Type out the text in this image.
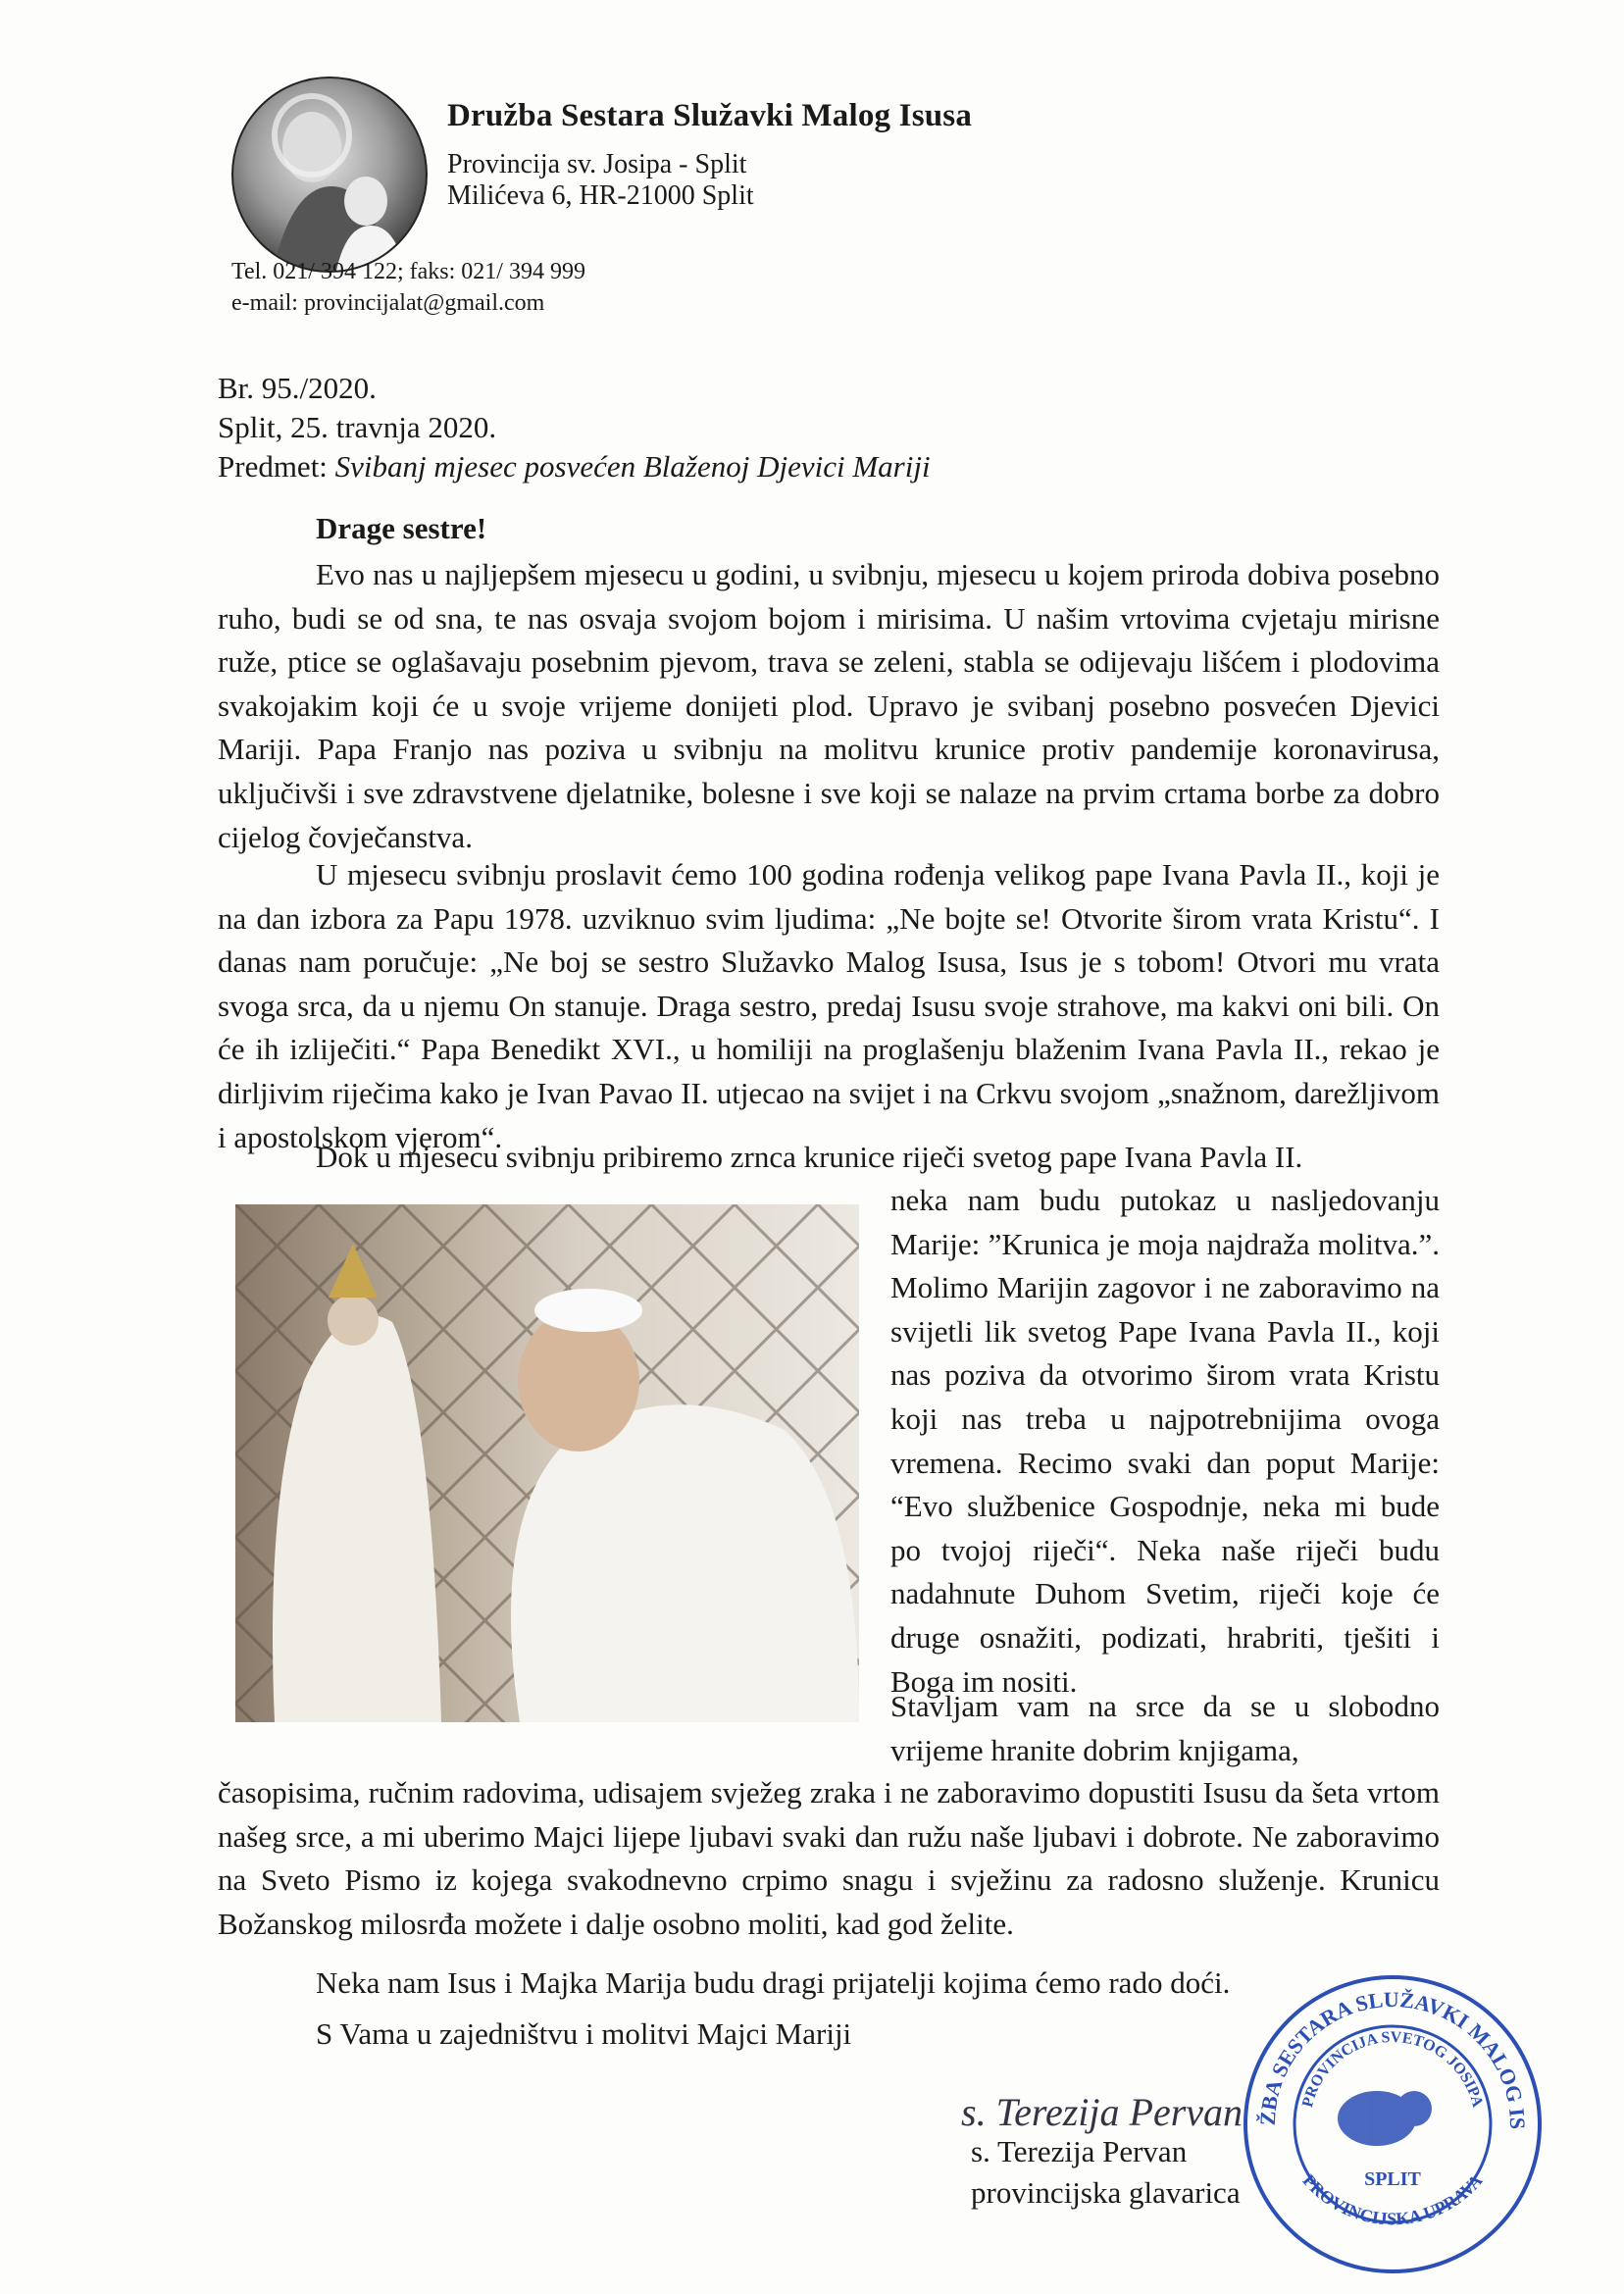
Družba Sestara Služavki Malog Isusa
Provincija sv. Josipa - Split
Milićeva 6, HR-21000 Split
Tel. 021/ 394 122; faks: 021/ 394 999
e-mail: provincijalat@gmail.com
Br. 95./2020.
Split, 25. travnja 2020.
Predmet: Svibanj mjesec posvećen Blaženoj Djevici Mariji
Drage sestre!
Evo nas u najljepšem mjesecu u godini, u svibnju, mjesecu u kojem priroda dobiva posebno ruho, budi se od sna, te nas osvaja svojom bojom i mirisima. U našim vrtovima cvjetaju mirisne ruže, ptice se oglašavaju posebnim pjevom, trava se zeleni, stabla se odijevaju lišćem i plodovima svakojakim koji će u svoje vrijeme donijeti plod. Upravo je svibanj posebno posvećen Djevici Mariji. Papa Franjo nas poziva u svibnju na molitvu krunice protiv pandemije koronavirusa, uključivši i sve zdravstvene djelatnike, bolesne i sve koji se nalaze na prvim crtama borbe za dobro cijelog čovječanstva.
U mjesecu svibnju proslavit ćemo 100 godina rođenja velikog pape Ivana Pavla II., koji je na dan izbora za Papu 1978. uzviknuo svim ljudima: „Ne bojte se! Otvorite širom vrata Kristu“. I danas nam poručuje: „Ne boj se sestro Služavko Malog Isusa, Isus je s tobom! Otvori mu vrata svoga srca, da u njemu On stanuje. Draga sestro, predaj Isusu svoje strahove, ma kakvi oni bili. On će ih izliječiti.“ Papa Benedikt XVI., u homiliji na proglašenju blaženim Ivana Pavla II., rekao je dirljivim riječima kako je Ivan Pavao II. utjecao na svijet i na Crkvu svojom „snažnom, darežljivom i apostolskom vjerom“.
Dok u mjesecu svibnju pribiremo zrnca krunice riječi svetog pape Ivana Pavla II.
neka nam budu putokaz u nasljedovanju Marije: ”Krunica je moja najdraža molitva.”. Molimo Marijin zagovor i ne zaboravimo na svijetli lik svetog Pape Ivana Pavla II., koji nas poziva da otvorimo širom vrata Kristu koji nas treba u najpotrebnijima ovoga vremena. Recimo svaki dan poput Marije: “Evo službenice Gospodnje, neka mi bude po tvojoj riječi“. Neka naše riječi budu nadahnute Duhom Svetim, riječi koje će druge osnažiti, podizati, hrabriti, tješiti i Boga im nositi.
Stavljam vam na srce da se u slobodno vrijeme hranite dobrim knjigama,
časopisima, ručnim radovima, udisajem svježeg zraka i ne zaboravimo dopustiti Isusu da šeta vrtom našeg srce, a mi uberimo Majci lijepe ljubavi svaki dan ružu naše ljubavi i dobrote. Ne zaboravimo na Sveto Pismo iz kojega svakodnevno crpimo snagu i svježinu za radosno služenje. Krunicu Božanskog milosrđa možete i dalje osobno moliti, kad god želite.
Neka nam Isus i Majka Marija budu dragi prijatelji kojima ćemo rado doći.
S Vama u zajedništvu i molitvi Majci Mariji
s. Terezija Pervan
s. Terezija Pervan
provincijska glavarica
ŽBA SESTARA SLUŽAVKI MALOG IS
PROVINCIJA SVETOG JOSIPA
PROVINCIJSKA UPRAVA
SPLIT
